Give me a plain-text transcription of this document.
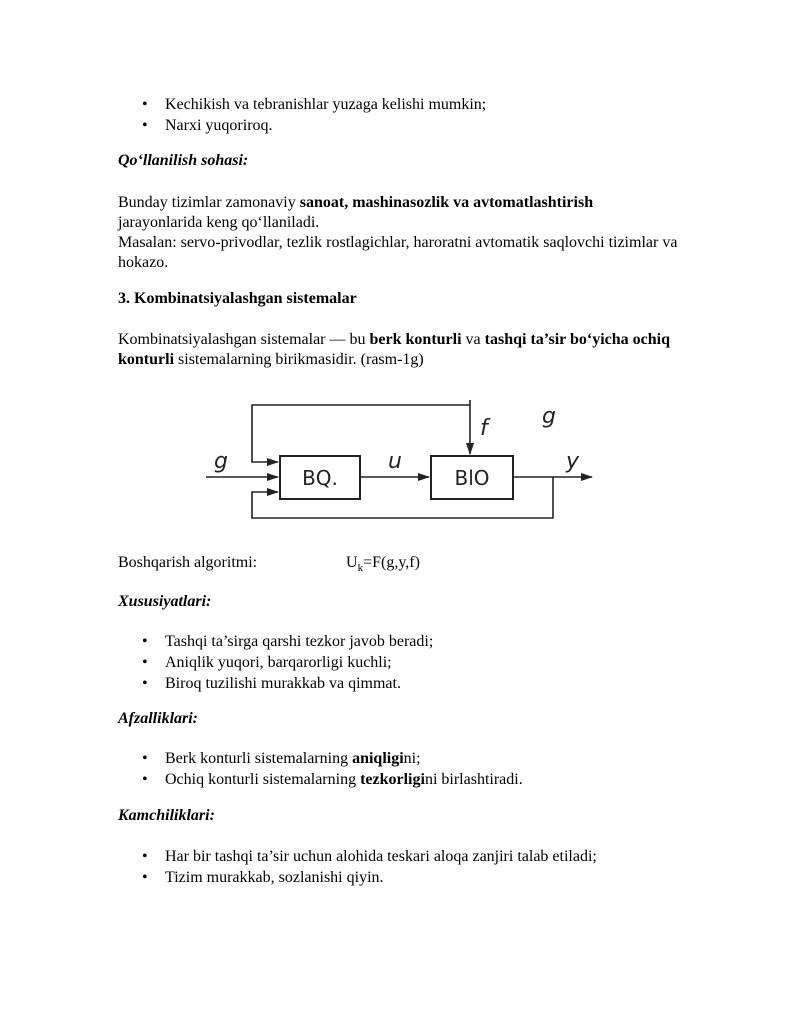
• Kechikish va tebranishlar yuzaga kelishi mumkin;
• Narxi yuqoriroq.
Qo‘llanilish sohasi:
Bunday tizimlar zamonaviy sanoat, mashinasozlik va avtomatlashtirish
jarayonlarida keng qo‘llaniladi.
Masalan: servo-privodlar, tezlik rostlagichlar, haroratni avtomatik saqlovchi tizimlar va hokazo.
3. Kombinatsiyalashgan sistemalar
Kombinatsiyalashgan sistemalar — bu berk konturli va tashqi ta’sir bo‘yicha ochiq konturli sistemalarning birikmasidir. (rasm-1g)
BQ.	BlO
g	u
f g
y
Boshqarish algoritmi:	$U_k=F(g,y,f)$
Xususiyatlari:
• Tashqi ta’sirga qarshi tezkor javob beradi;
• Aniqlik yuqori, barqarorligi kuchli;
• Biroq tuzilishi murakkab va qimmat.
Afzalliklari:
• Berk konturli sistemalarning aniqligini;
• Ochiq konturli sistemalarning tezkorligini birlashtiradi.
Kamchiliklari:
• Har bir tashqi ta’sir uchun alohida teskari aloqa zanjiri talab etiladi;
• Tizim murakkab, sozlanishi qiyin.
